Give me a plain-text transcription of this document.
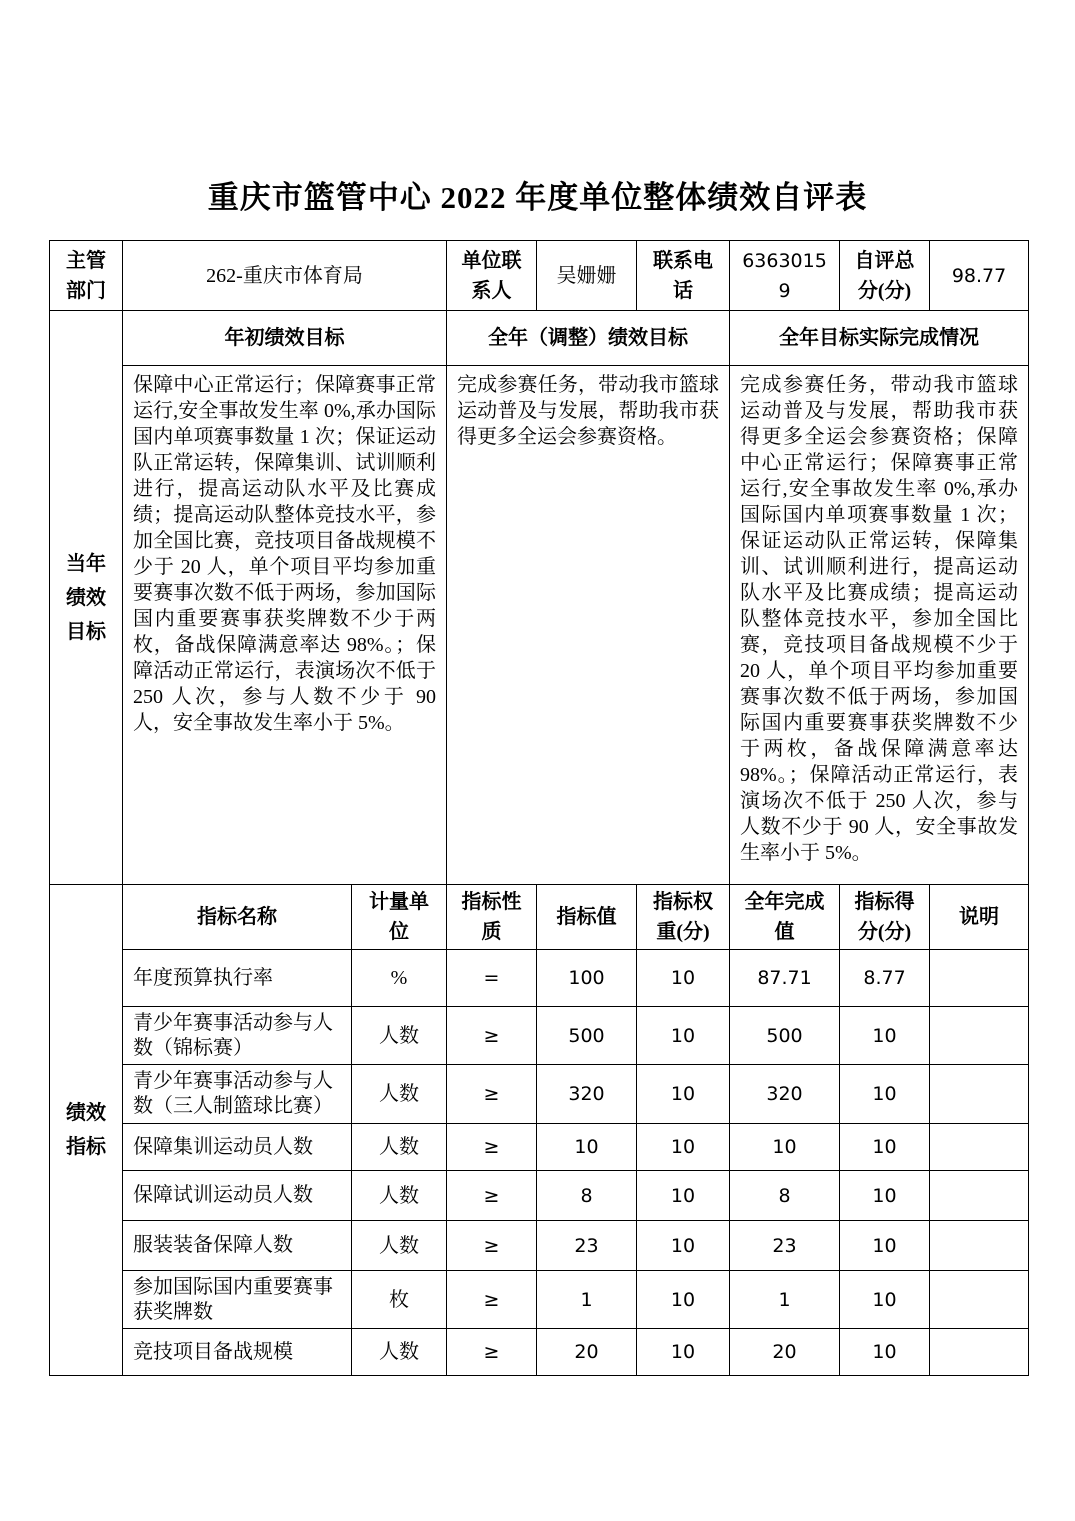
重庆市篮管中心 2022 年度单位整体绩效自评表
主管部门	262-重庆市体育局		单位联系人	吴姗姗	联系电话	63630159	自评总分(分)	98.77
当年绩效目标	年初绩效目标		全年（调整）绩效目标			全年目标实际完成情况		
保障中心正常运行；保障赛事正常运行,安全事故发生率 0%,承办国际国内单项赛事数量 1 次；保证运动队正常运转，保障集训、试训顺利进行，提高运动队水平及比赛成绩；提高运动队整体竞技水平，参加全国比赛，竞技项目备战规模不少于 20 人，单个项目平均参加重要赛事次数不低于两场，参加国际国内重要赛事获奖牌数不少于两枚，备战保障满意率达 98%。；保障活动正常运行，表演场次不低于 250 人次，参与人数不少于 90 人，安全事故发生率小于 5%。	完成参赛任务，带动我市篮球运动普及与发展，帮助我市获得更多全运会参赛资格。	完成参赛任务，带动我市篮球运动普及与发展，帮助我市获得更多全运会参赛资格；保障中心正常运行；保障赛事正常运行,安全事故发生率 0%,承办国际国内单项赛事数量 1 次；保证运动队正常运转，保障集训、试训顺利进行，提高运动队水平及比赛成绩；提高运动队整体竞技水平，参加全国比赛，竞技项目备战规模不少于 20 人，单个项目平均参加重要赛事次数不低于两场，参加国际国内重要赛事获奖牌数不少于两枚，备战保障满意率达 98%。；保障活动正常运行，表演场次不低于 250 人次，参与人数不少于 90 人，安全事故发生率小于 5%。
绩效指标	指标名称	计量单位	指标性质	指标值	指标权重(分)	全年完成值	指标得分(分)	说明
	年度预算执行率	%	=	100	10	87.71	8.77	
	青少年赛事活动参与人数（锦标赛）	人数	≥	500	10	500	10	
	青少年赛事活动参与人数（三人制篮球比赛）	人数	≥	320	10	320	10	
	保障集训运动员人数	人数	≥	10	10	10	10	
	保障试训运动员人数	人数	≥	8	10	8	10	
	服装装备保障人数	人数	≥	23	10	23	10	
	参加国际国内重要赛事获奖牌数	枚	≥	1	10	1	10	
	竞技项目备战规模	人数	≥	20	10	20	10	
